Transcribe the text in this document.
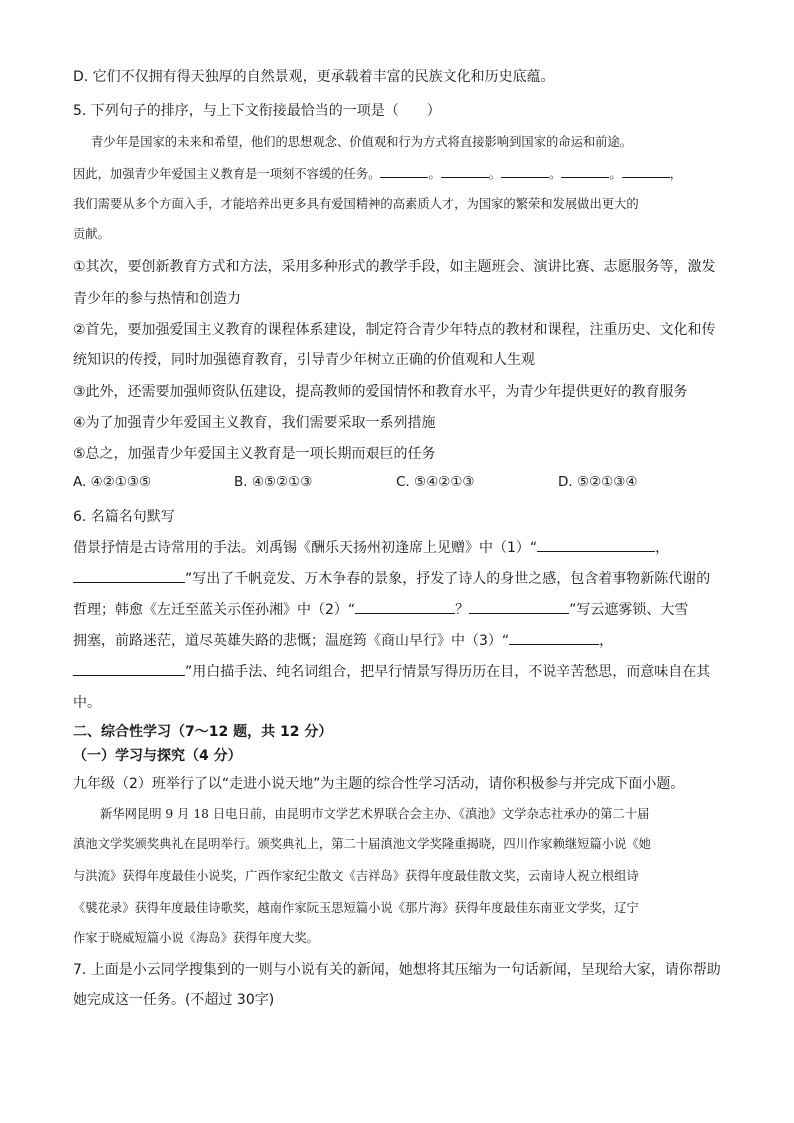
D. 它们不仅拥有得天独厚的自然景观，更承载着丰富的民族文化和历史底蕴。
5. 下列句子的排序，与上下文衔接最恰当的一项是（　　）
青少年是国家的未来和希望，他们的思想观念、价值观和行为方式将直接影响到国家的命运和前途。
因此，加强青少年爱国主义教育是一项刻不容缓的任务。	。	。	。	。	，
我们需要从多个方面入手，才能培养出更多具有爱国精神的高素质人才，为国家的繁荣和发展做出更大的
贡献。
①其次，要创新教育方式和方法，采用多种形式的教学手段，如主题班会、演讲比赛、志愿服务等，激发
青少年的参与热情和创造力
②首先，要加强爱国主义教育的课程体系建设，制定符合青少年特点的教材和课程，注重历史、文化和传
统知识的传授，同时加强德育教育，引导青少年树立正确的价值观和人生观
③此外，还需要加强师资队伍建设，提高教师的爱国情怀和教育水平，为青少年提供更好的教育服务
④为了加强青少年爱国主义教育，我们需要采取一系列措施
⑤总之，加强青少年爱国主义教育是一项长期而艰巨的任务
A. ④②①③⑤	B. ④⑤②①③	C. ⑤④②①③	D. ⑤②①③④
6. 名篇名句默写
借景抒情是古诗常用的手法。刘禹锡《酬乐天扬州初逢席上见赠》中（1）“	，
”写出了千帆竞发、万木争春的景象，抒发了诗人的身世之感，包含着事物新陈代谢的
哲理；韩愈《左迁至蓝关示侄孙湘》中（2）“	？	”写云遮雾锁、大雪
拥塞，前路迷茫，道尽英雄失路的悲慨；温庭筠《商山早行》中（3）“	，
”用白描手法、纯名词组合，把早行情景写得历历在目，不说辛苦愁思，而意味自在其
中。
二、综合性学习（7～12 题，共 12 分）
（一）学习与探究（4 分）
九年级（2）班举行了以“走进小说天地”为主题的综合性学习活动，请你积极参与并完成下面小题。
新华网昆明 9 月 18 日电日前，由昆明市文学艺术界联合会主办、《滇池》文学杂志社承办的第二十届
滇池文学奖颁奖典礼在昆明举行。颁奖典礼上，第二十届滇池文学奖隆重揭晓，四川作家赖继短篇小说《她
与洪流》获得年度最佳小说奖，广西作家纪尘散文《吉祥岛》获得年度最佳散文奖，云南诗人祝立根组诗
《襞花录》获得年度最佳诗歌奖，越南作家阮玉思短篇小说《那片海》获得年度最佳东南亚文学奖，辽宁
作家于晓威短篇小说《海岛》获得年度大奖。
7. 上面是小云同学搜集到的一则与小说有关的新闻，她想将其压缩为一句话新闻，呈现给大家，请你帮助
她完成这一任务。(不超过 30字)
